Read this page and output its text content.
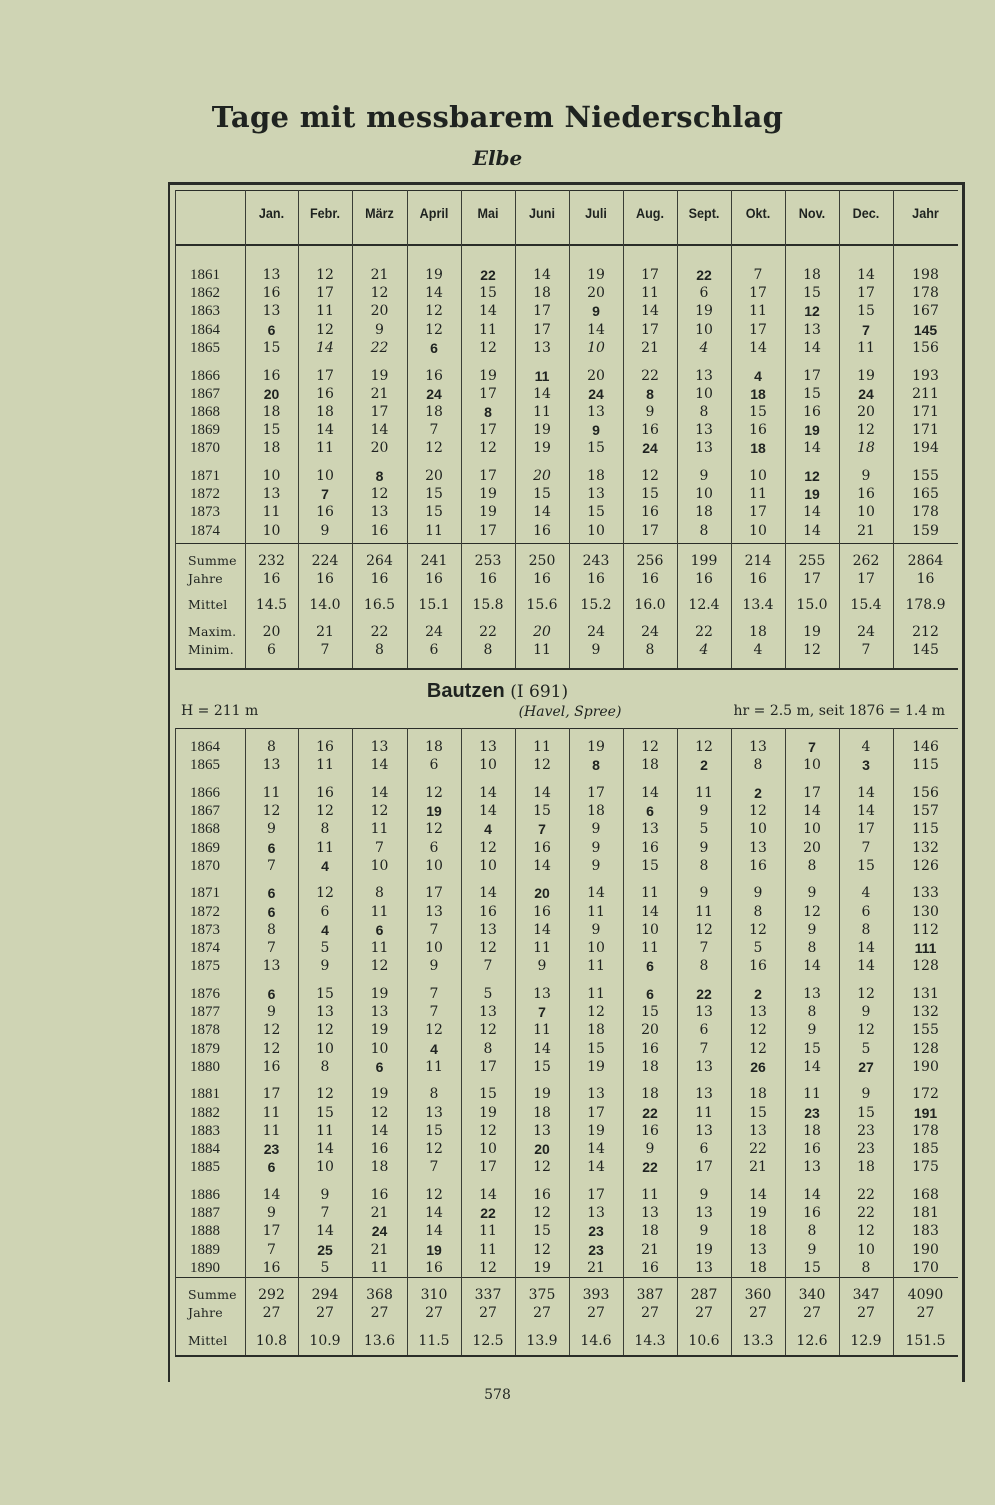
Tage mit messbarem Niederschlag
Elbe
Jan.	Febr.	März	April	Mai	Juni	Juli	Aug.	Sept.	Okt.	Nov.	Dec.	Jahr
1861	13	12	21	19	22	14	19	17	22	7	18	14	198
1862	16	17	12	14	15	18	20	11	6	17	15	17	178
1863	13	11	20	12	14	17	9	14	19	11	12	15	167
1864	6	12	9	12	11	17	14	17	10	17	13	7	145
1865	15	14	22	6	12	13	10	21	4	14	14	11	156
1866	16	17	19	16	19	11	20	22	13	4	17	19	193
1867	20	16	21	24	17	14	24	8	10	18	15	24	211
1868	18	18	17	18	8	11	13	9	8	15	16	20	171
1869	15	14	14	7	17	19	9	16	13	16	19	12	171
1870	18	11	20	12	12	19	15	24	13	18	14	18	194
1871	10	10	8	20	17	20	18	12	9	10	12	9	155
1872	13	7	12	15	19	15	13	15	10	11	19	16	165
1873	11	16	13	15	19	14	15	16	18	17	14	10	178
1874	10	9	16	11	17	16	10	17	8	10	14	21	159
Summe	232	224	264	241	253	250	243	256	199	214	255	262	2864
Jahre	16	16	16	16	16	16	16	16	16	16	17	17	16
Mittel	14.5	14.0	16.5	15.1	15.8	15.6	15.2	16.0	12.4	13.4	15.0	15.4	178.9
Maxim.	20	21	22	24	22	20	24	24	22	18	19	24	212
Minim.	6	7	8	6	8	11	9	8	4	4	12	7	145
Bautzen (I 691)
H = 211 m	(Havel, Spree)	hr = 2.5 m, seit 1876 = 1.4 m
1864	8	16	13	18	13	11	19	12	12	13	7	4	146
1865	13	11	14	6	10	12	8	18	2	8	10	3	115
1866	11	16	14	12	14	14	17	14	11	2	17	14	156
1867	12	12	12	19	14	15	18	6	9	12	14	14	157
1868	9	8	11	12	4	7	9	13	5	10	10	17	115
1869	6	11	7	6	12	16	9	16	9	13	20	7	132
1870	7	4	10	10	10	14	9	15	8	16	8	15	126
1871	6	12	8	17	14	20	14	11	9	9	9	4	133
1872	6	6	11	13	16	16	11	14	11	8	12	6	130
1873	8	4	6	7	13	14	9	10	12	12	9	8	112
1874	7	5	11	10	12	11	10	11	7	5	8	14	111
1875	13	9	12	9	7	9	11	6	8	16	14	14	128
1876	6	15	19	7	5	13	11	6	22	2	13	12	131
1877	9	13	13	7	13	7	12	15	13	13	8	9	132
1878	12	12	19	12	12	11	18	20	6	12	9	12	155
1879	12	10	10	4	8	14	15	16	7	12	15	5	128
1880	16	8	6	11	17	15	19	18	13	26	14	27	190
1881	17	12	19	8	15	19	13	18	13	18	11	9	172
1882	11	15	12	13	19	18	17	22	11	15	23	15	191
1883	11	11	14	15	12	13	19	16	13	13	18	23	178
1884	23	14	16	12	10	20	14	9	6	22	16	23	185
1885	6	10	18	7	17	12	14	22	17	21	13	18	175
1886	14	9	16	12	14	16	17	11	9	14	14	22	168
1887	9	7	21	14	22	12	13	13	13	19	16	22	181
1888	17	14	24	14	11	15	23	18	9	18	8	12	183
1889	7	25	21	19	11	12	23	21	19	13	9	10	190
1890	16	5	11	16	12	19	21	16	13	18	15	8	170
Summe	292	294	368	310	337	375	393	387	287	360	340	347	4090
Jahre	27	27	27	27	27	27	27	27	27	27	27	27	27
Mittel	10.8	10.9	13.6	11.5	12.5	13.9	14.6	14.3	10.6	13.3	12.6	12.9	151.5
578
